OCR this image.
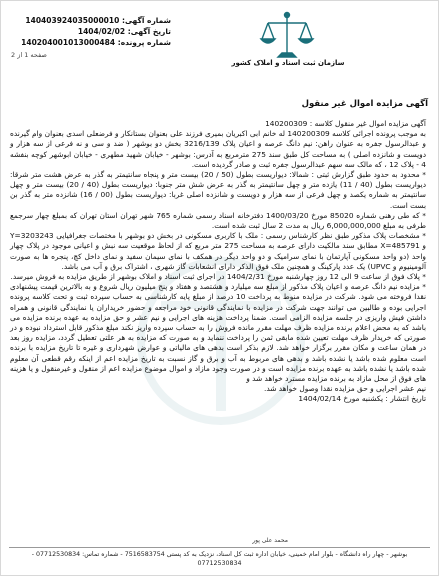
شماره آگهی: 140403924035000010
تاریخ آگهی: 1404/02/02
شماره پرونده: 140204001013000484
صفحه 1 از 2
سازمان ثبت اسناد و املاک کشور
آگهی مزایده اموال غیر منقول

آگهی مزایده اموال غیر منقول کلاسه : 140200309

به موجب پرونده اجرائی کلاسه 140200309 له خانم ابی اکبریان بمیری فرزند علی بعنوان بستانکار و فرضعلی اسدی بعنوان وام گیرنده و عبدالرسول جفره به عنوان راهن: نیم دانگ عرصه و اعیان پلاک 3216/139 بخش دو بوشهر ( ضد و سی و نه فرعی از سه هزار و دویست و شانزده اصلی ) به مساحت کل طبق سند 275 مترمربع به آدرس: بوشهر - خیابان شهید مطهری - خیابان ابوشهر کوچه بنفشه 4 - پلاک 12 ، که مالک سه سهم عبدالرسول جفره ثبت و صادر گردیده است.

* محدود به حدود طبق گزارش ثبتی : شمالا: دیواریست بطول (50 / 20) بیست متر و پنجاه سانتیمتر به گذر به عرض هشت متر شرقا: دیواریست بطول (40 / 11) یازده متر و چهل سانتیمتر به گذر به عرض شش متر جنوبا: دیواریست بطول (40 / 20) بیست متر و چهل سانتیمتر به شماره یکصد و چهل فرعی از سه هزار و دویست و شانزده اصلی غربا: دیواریست بطول (00 / 16) شانزده متر به گذر بن بست است.

* که طی رهنی شماره 85020 مورخ 1400/03/20 دفترخانه اسناد رسمی شماره 765 شهر تهران استان تهران که بمبلغ چهار سرجمع طرفی به مبلغ 6,000,000,000 ریال به مدت 2 سال ثبت شده است.

* مشخصات پلاک مذکور طبق نظر کارشناس رسمی : ملک با کاربری مسکونی در بخش دو بوشهر با مختصات جغرافیایی Y=3203243 و X=485791 مطابق سند مالکیت دارای عرصه به مساحت 275 متر مربع که از لحاظ موقعیت سه نبش و اعیانی موجود در پلاک چهار واحد (دو واحد مسکونی آپارتمان با نمای سرامیک و دو واحد دیگر در همکف با نمای سیمان سفید و نمای داخل کچ، پنجره ها به صورت آلومینیوم و UPVC) یک عدد پارکینگ و همچنین ملک فوق الذکر دارای انشعابات گاز شهری ، اشتراک برق و آب می باشد.

* پلاک فوق از ساعت 9 الی 12 روز چهارشنبه مورخ 1404/2/31 در اجرای ثبت اسناد و املاک بوشهر از طریق مزایده به فروش میرسد.

* مزایده نیم دانگ عرصه و اعیان پلاک مذکور از مبلغ سه میلیارد و هشتصد و هفتاد و پنج میلیون ریال شروع و به بالاترین قیمت پیشنهادی نقدا فروخته می شود. شرکت در مزایده منوط به پرداخت 10 درصد از مبلغ پایه کارشناسی به حساب سپرده ثبت و تحت کلاسه پرونده اجرایی بوده و طالبین می توانند جهت شرکت در مزایده با نمایندگی قانونی خود مراجعه و حضور خریداران یا نمایندگی قانونی و همراه داشتن فیش واریزی در جلسه مزایده الزامی است. ضمنا پرداخت هزینه های اجرایی و نیم عشر و حق مزایده به عهده برنده مزایده می باشد که به محض اعلام برنده مزایده ظرف مهلت مقرر مانده فروش را به حساب سپرده واریز نکند مبلغ مذکور قابل استرداد نبوده و در صورتی که خریدار ظرف مهلت تعیین شده مابقی ثمن را پرداخت ننماید و به صورت که مزایده به هر علتی تعطیل گردد، مزایده روز بعد در همان ساعت و مکان مقرر برگزار خواهد شد. لازم بذکر است بدهی های مالیاتی و عوارض شهرداری و غیره تا تاریخ مزایده با برنده است معلوم شده باشد یا نشده باشد و بدهی های مربوط به آب و برق و گاز نسبت به تاریخ مزایده اعم از اینکه رقم قطعی آن معلوم شده باشد یا نشده باشد به عهده برنده مزایده است و در صورت وجود مازاد و اموال موضوع مزایده اعم از منقول و غیرمنقول و یا هزینه های فوق از محل مازاد به برنده مزایده مسترد خواهد شد و

نیم عشر اجرایی و حق مزایده نقدا وصول خواهد شد.

تاریخ انتشار : یکشنبه مورخ 1404/02/14

محمد علی پور
بوشهر - چهار راه دانشگاه - بلوار امام خمینی، خیابان اداره ثبت کل اسناد، نزدیک به کد پستی 7516583754 - شماره تماس: 07712530834 - 07712530834
